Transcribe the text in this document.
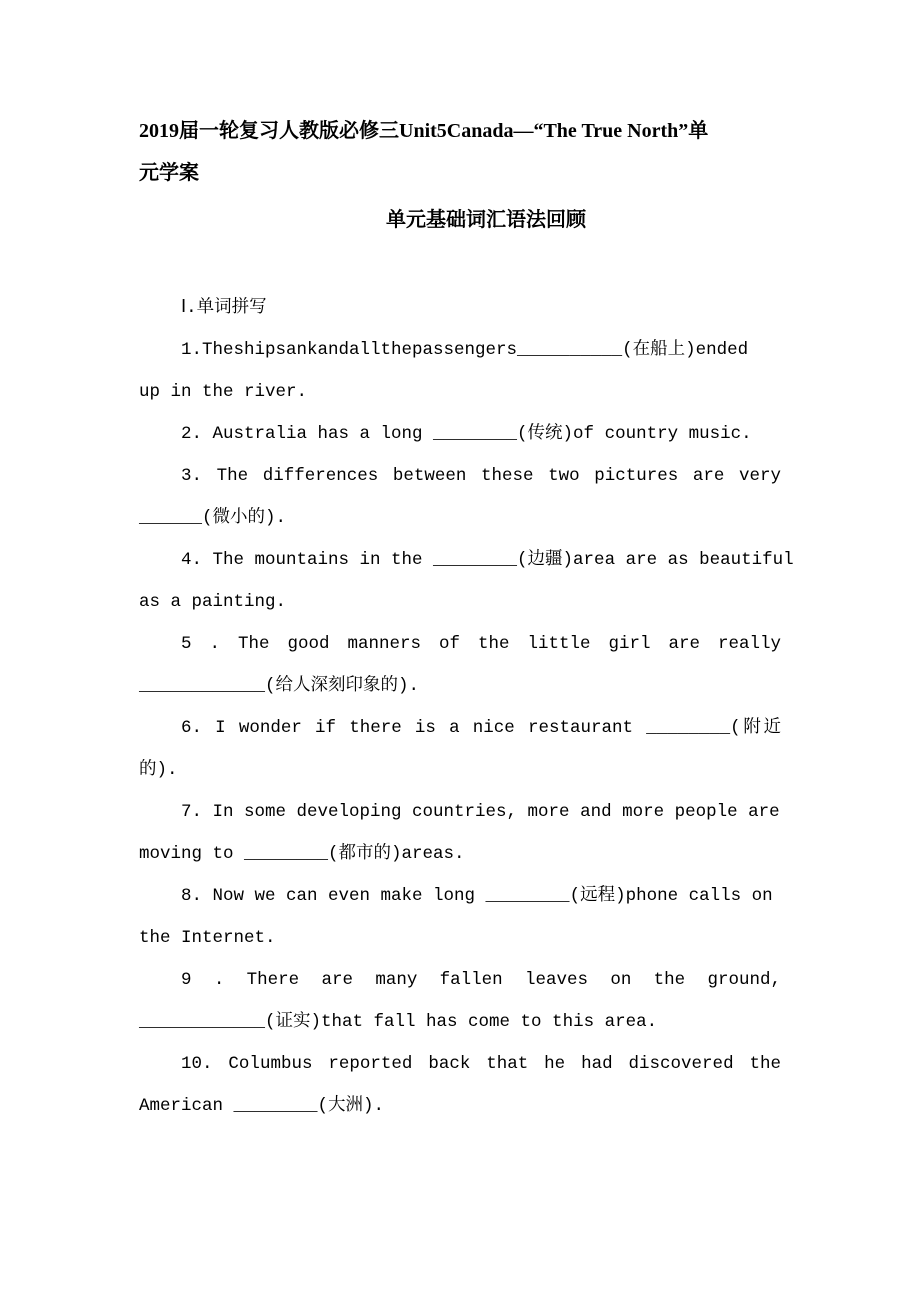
2019届一轮复习人教版必修三Unit5Canada—“The True North”单
元学案
单元基础词汇语法回顾
Ⅰ.单词拼写
1.Theshipsankandallthepassengers__________(在船上)ended
up in the river.
2. Australia has a long ________(传统)of country music.
3. The differences between these two pictures are very
______(微小的).
4. The mountains in the ________(边疆)area are as beautiful
as a painting.
5 . The good manners of the little girl are really
____________(给人深刻印象的).
6. I wonder if there is a nice restaurant ________(附近
的).
7. In some developing countries, more and more people are
moving to ________(都市的)areas.
8. Now we can even make long ________(远程)phone calls on
the Internet.
9 . There are many fallen leaves on the ground,
____________(证实)that fall has come to this area.
10. Columbus reported back that he had discovered the
American ________(大洲).
